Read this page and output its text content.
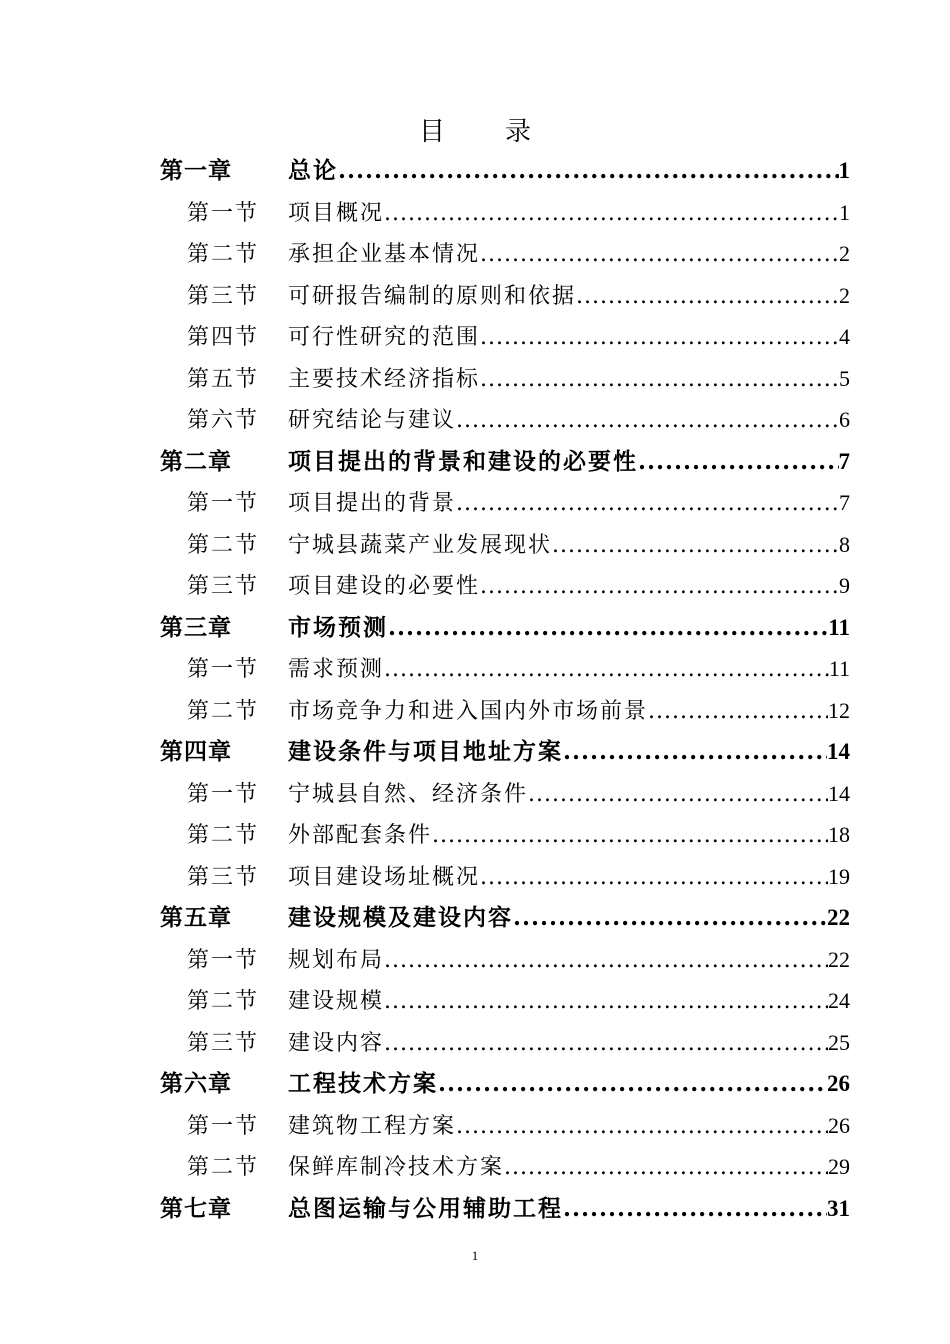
目录
第一章	总论 .....	1
第一节	项目概况 .....	1
第二节	承担企业基本情况 .....	2
第三节	可研报告编制的原则和依据 .....	2
第四节	可行性研究的范围 .....	4
第五节	主要技术经济指标 .....	5
第六节	研究结论与建议 .....	6
第二章	项目提出的背景和建设的必要性 .....	7
第一节	项目提出的背景 .....	7
第二节	宁城县蔬菜产业发展现状 .....	8
第三节	项目建设的必要性 .....	9
第三章	市场预测 .....	11
第一节	需求预测 .....	11
第二节	市场竞争力和进入国内外市场前景 .....	12
第四章	建设条件与项目地址方案 .....	14
第一节	宁城县自然、经济条件 .....	14
第二节	外部配套条件 .....	18
第三节	项目建设场址概况 .....	19
第五章	建设规模及建设内容 .....	22
第一节	规划布局 .....	22
第二节	建设规模 .....	24
第三节	建设内容 .....	25
第六章	工程技术方案 .....	26
第一节	建筑物工程方案 .....	26
第二节	保鲜库制冷技术方案 .....	29
第七章	总图运输与公用辅助工程 .....	31
1
